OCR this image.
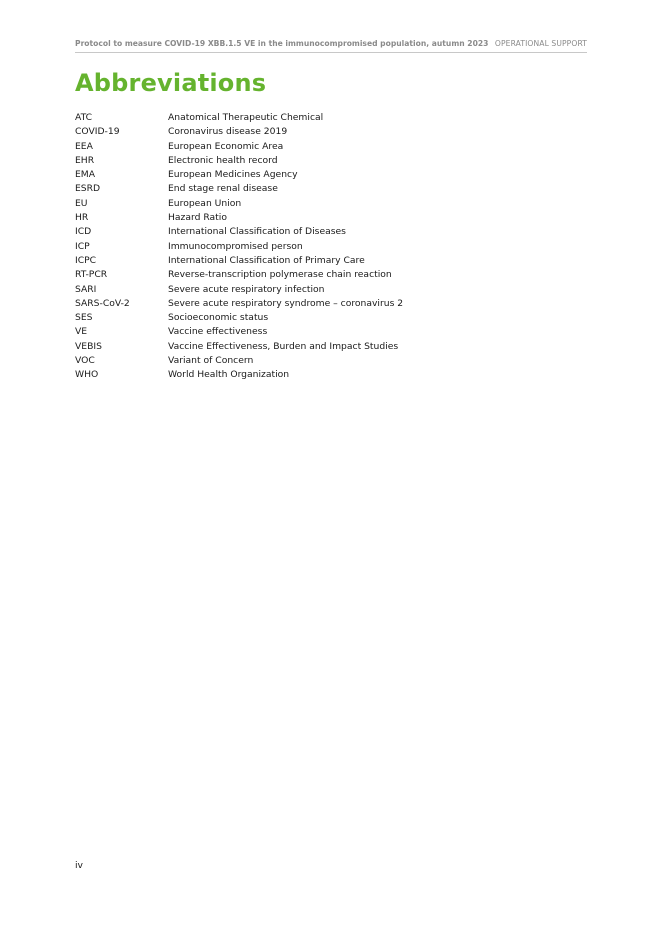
Protocol to measure COVID-19 XBB.1.5 VE in the immunocompromised population, autumn 2023 OPERATIONAL SUPPORT
Abbreviations
ATC	Anatomical Therapeutic Chemical
COVID-19	Coronavirus disease 2019
EEA	European Economic Area
EHR	Electronic health record
EMA	European Medicines Agency
ESRD	End stage renal disease
EU	European Union
HR	Hazard Ratio
ICD	International Classification of Diseases
ICP	Immunocompromised person
ICPC	International Classification of Primary Care
RT-PCR	Reverse-transcription polymerase chain reaction
SARI	Severe acute respiratory infection
SARS-CoV-2	Severe acute respiratory syndrome – coronavirus 2
SES	Socioeconomic status
VE	Vaccine effectiveness
VEBIS	Vaccine Effectiveness, Burden and Impact Studies
VOC	Variant of Concern
WHO	World Health Organization
iv
